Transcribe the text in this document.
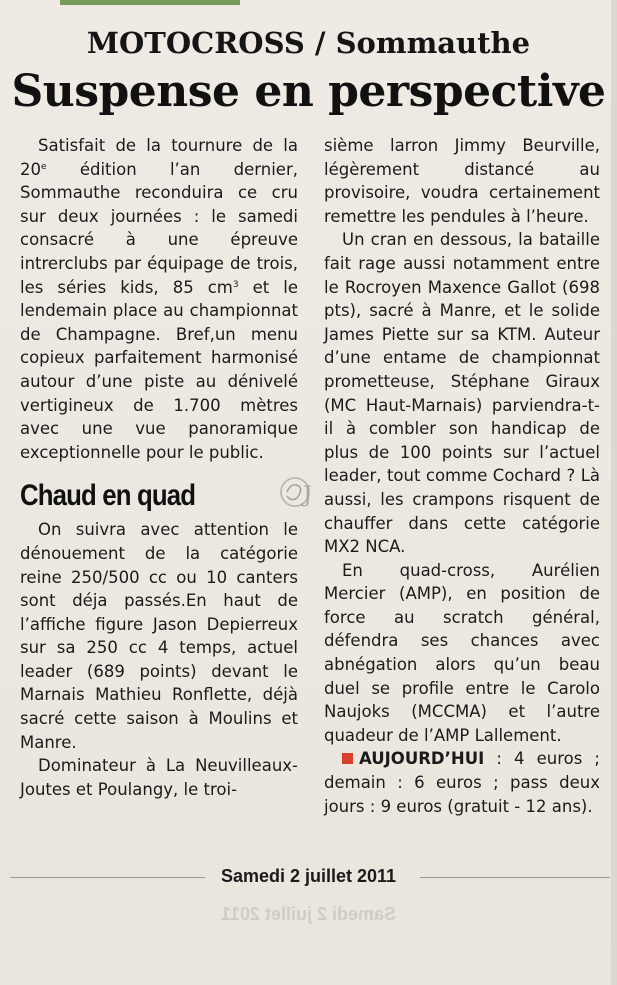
MOTOCROSS / Sommauthe
Suspense en perspective

Satisfait de la tournure de la 20e édition l’an dernier, Sommauthe reconduira ce cru sur deux journées : le samedi consacré à une épreuve intrerclubs par équipage de trois, les séries kids, 85 $cm^3$ et le lendemain place au championnat de Champagne. Bref,un menu copieux parfaitement harmonisé autour d’une piste au dénivelé vertigineux de 1.700 mètres avec une vue panoramique exceptionnelle pour le public.

Chaud en quad

On suivra avec attention le dénouement de la catégorie reine 250/500 cc ou 10 canters sont déja passés.En haut de l’affiche figure Jason Depierreux sur sa 250 cc 4 temps, actuel leader (689 points) devant le Marnais Mathieu Ronflette, déjà sacré cette saison à Moulins et Manre.

Dominateur à La Neuvilleaux-Joutes et Poulangy, le troi-

sième larron Jimmy Beurville, légèrement distancé au provisoire, voudra certainement remettre les pendules à l’heure.

Un cran en dessous, la bataille fait rage aussi notamment entre le Rocroyen Maxence Gallot (698 pts), sacré à Manre, et le solide James Piette sur sa KTM. Auteur d’une entame de championnat prometteuse, Stéphane Giraux (MC Haut-Marnais) parviendra-t-il à combler son handicap de plus de 100 points sur l’actuel leader, tout comme Cochard ? Là aussi, les crampons risquent de chauffer dans cette catégorie MX2 NCA.

En quad-cross, Aurélien Mercier (AMP), en position de force au scratch général, défendra ses chances avec abnégation alors qu’un beau duel se profile entre le Carolo Naujoks (MCCMA) et l’autre quadeur de l’AMP Lallement.

AUJOURD’HUI : 4 euros ; demain : 6 euros ; pass deux jours : 9 euros (gratuit - 12 ans).

J
Samedi 2 juillet 2011
Samedi 2 juillet 2011
